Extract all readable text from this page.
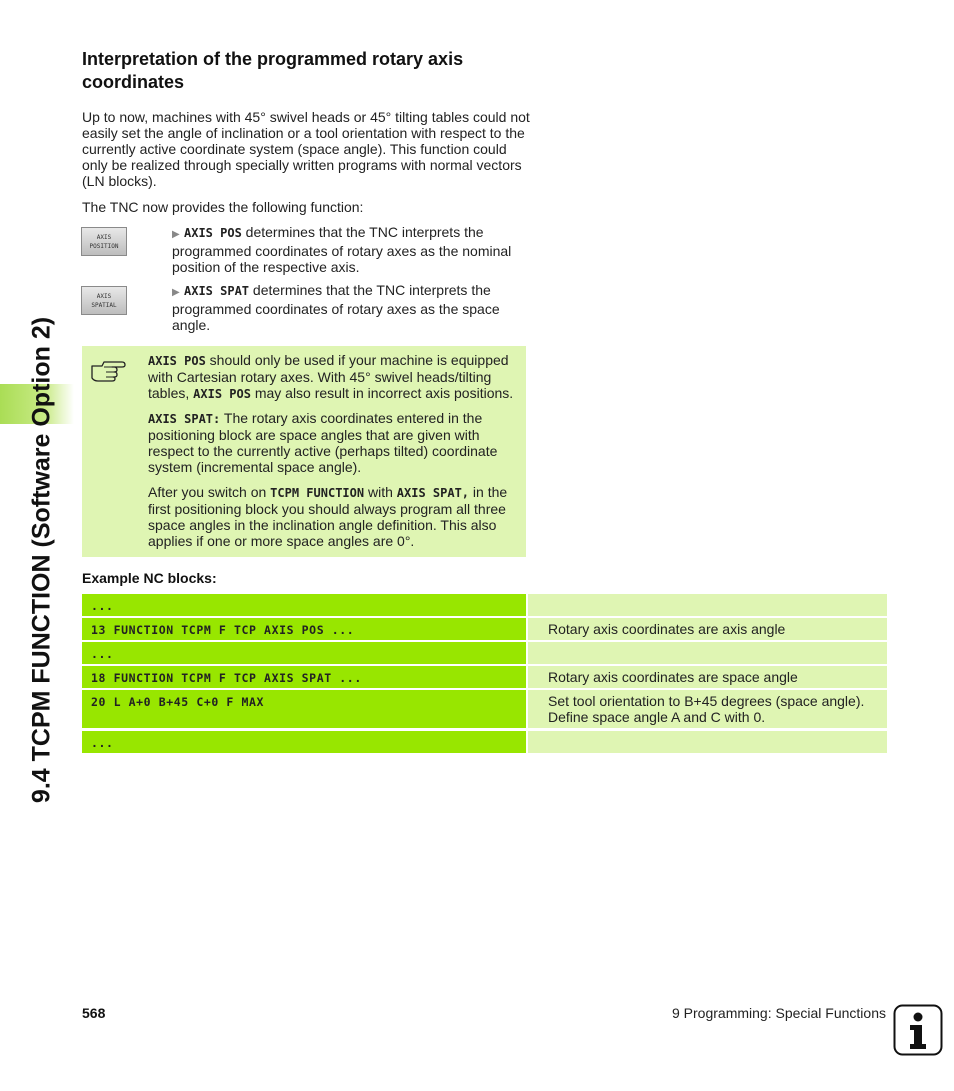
9.4 TCPM FUNCTION (Software Option 2)
Interpretation of the programmed rotary axis coordinates
Up to now, machines with 45° swivel heads or 45° tilting tables could not easily set the angle of inclination or a tool orientation with respect to the currently active coordinate system (space angle). This function could only be realized through specially written programs with normal vectors (LN blocks).
The TNC now provides the following function:
AXIS
POSITION
AXIS
SPATIAL
▶ AXIS POS determines that the TNC interprets the programmed coordinates of rotary axes as the nominal position of the respective axis.
▶ AXIS SPAT determines that the TNC interprets the programmed coordinates of rotary axes as the space angle.
AXIS POS should only be used if your machine is equipped with Cartesian rotary axes. With 45° swivel heads/tilting tables, AXIS POS may also result in incorrect axis positions.
AXIS SPAT: The rotary axis coordinates entered in the positioning block are space angles that are given with respect to the currently active (perhaps tilted) coordinate system (incremental space angle).
After you switch on TCPM FUNCTION with AXIS SPAT, in the first positioning block you should always program all three space angles in the inclination angle definition. This also applies if one or more space angles are 0°.
Example NC blocks:
...
13 FUNCTION TCPM F TCP AXIS POS ...	Rotary axis coordinates are axis angle
...
18 FUNCTION TCPM F TCP AXIS SPAT ...	Rotary axis coordinates are space angle
20 L A+0 B+45 C+0 F MAX	Set tool orientation to B+45 degrees (space angle). Define space angle A and C with 0.
...
568	9 Programming: Special Functions
